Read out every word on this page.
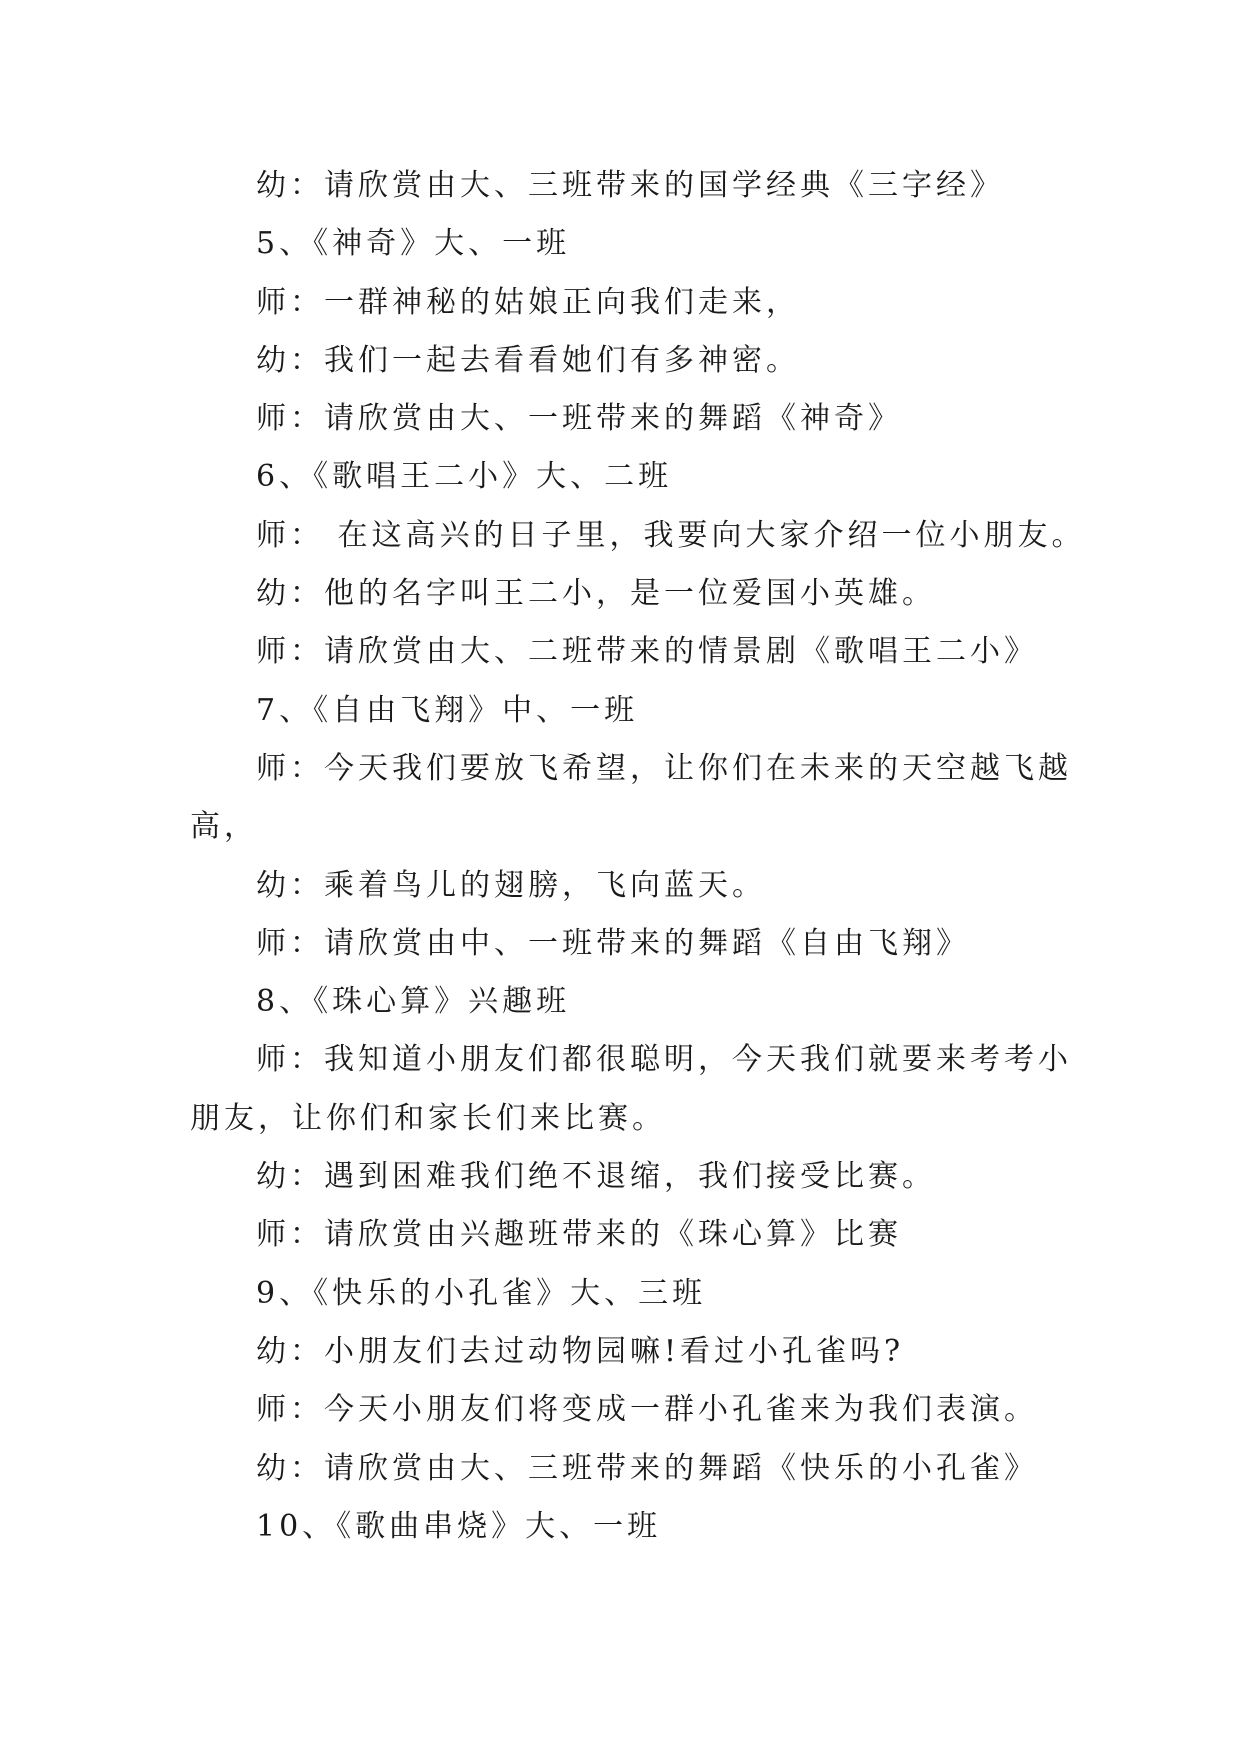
幼：请欣赏由大、三班带来的国学经典《三字经》
5、《神奇》大、一班
师：一群神秘的姑娘正向我们走来，
幼：我们一起去看看她们有多神密。
师：请欣赏由大、一班带来的舞蹈《神奇》
6、《歌唱王二小》大、二班
师： 在这高兴的日子里，我要向大家介绍一位小朋友。
幼：他的名字叫王二小，是一位爱国小英雄。
师：请欣赏由大、二班带来的情景剧《歌唱王二小》
7、《自由飞翔》中、一班
师：今天我们要放飞希望，让你们在未来的天空越飞越
高，
幼：乘着鸟儿的翅膀，飞向蓝天。
师：请欣赏由中、一班带来的舞蹈《自由飞翔》
8、《珠心算》兴趣班
师：我知道小朋友们都很聪明，今天我们就要来考考小
朋友，让你们和家长们来比赛。
幼：遇到困难我们绝不退缩，我们接受比赛。
师：请欣赏由兴趣班带来的《珠心算》比赛
9、《快乐的小孔雀》大、三班
幼：小朋友们去过动物园嘛!看过小孔雀吗?
师：今天小朋友们将变成一群小孔雀来为我们表演。
幼：请欣赏由大、三班带来的舞蹈《快乐的小孔雀》
10、《歌曲串烧》大、一班
